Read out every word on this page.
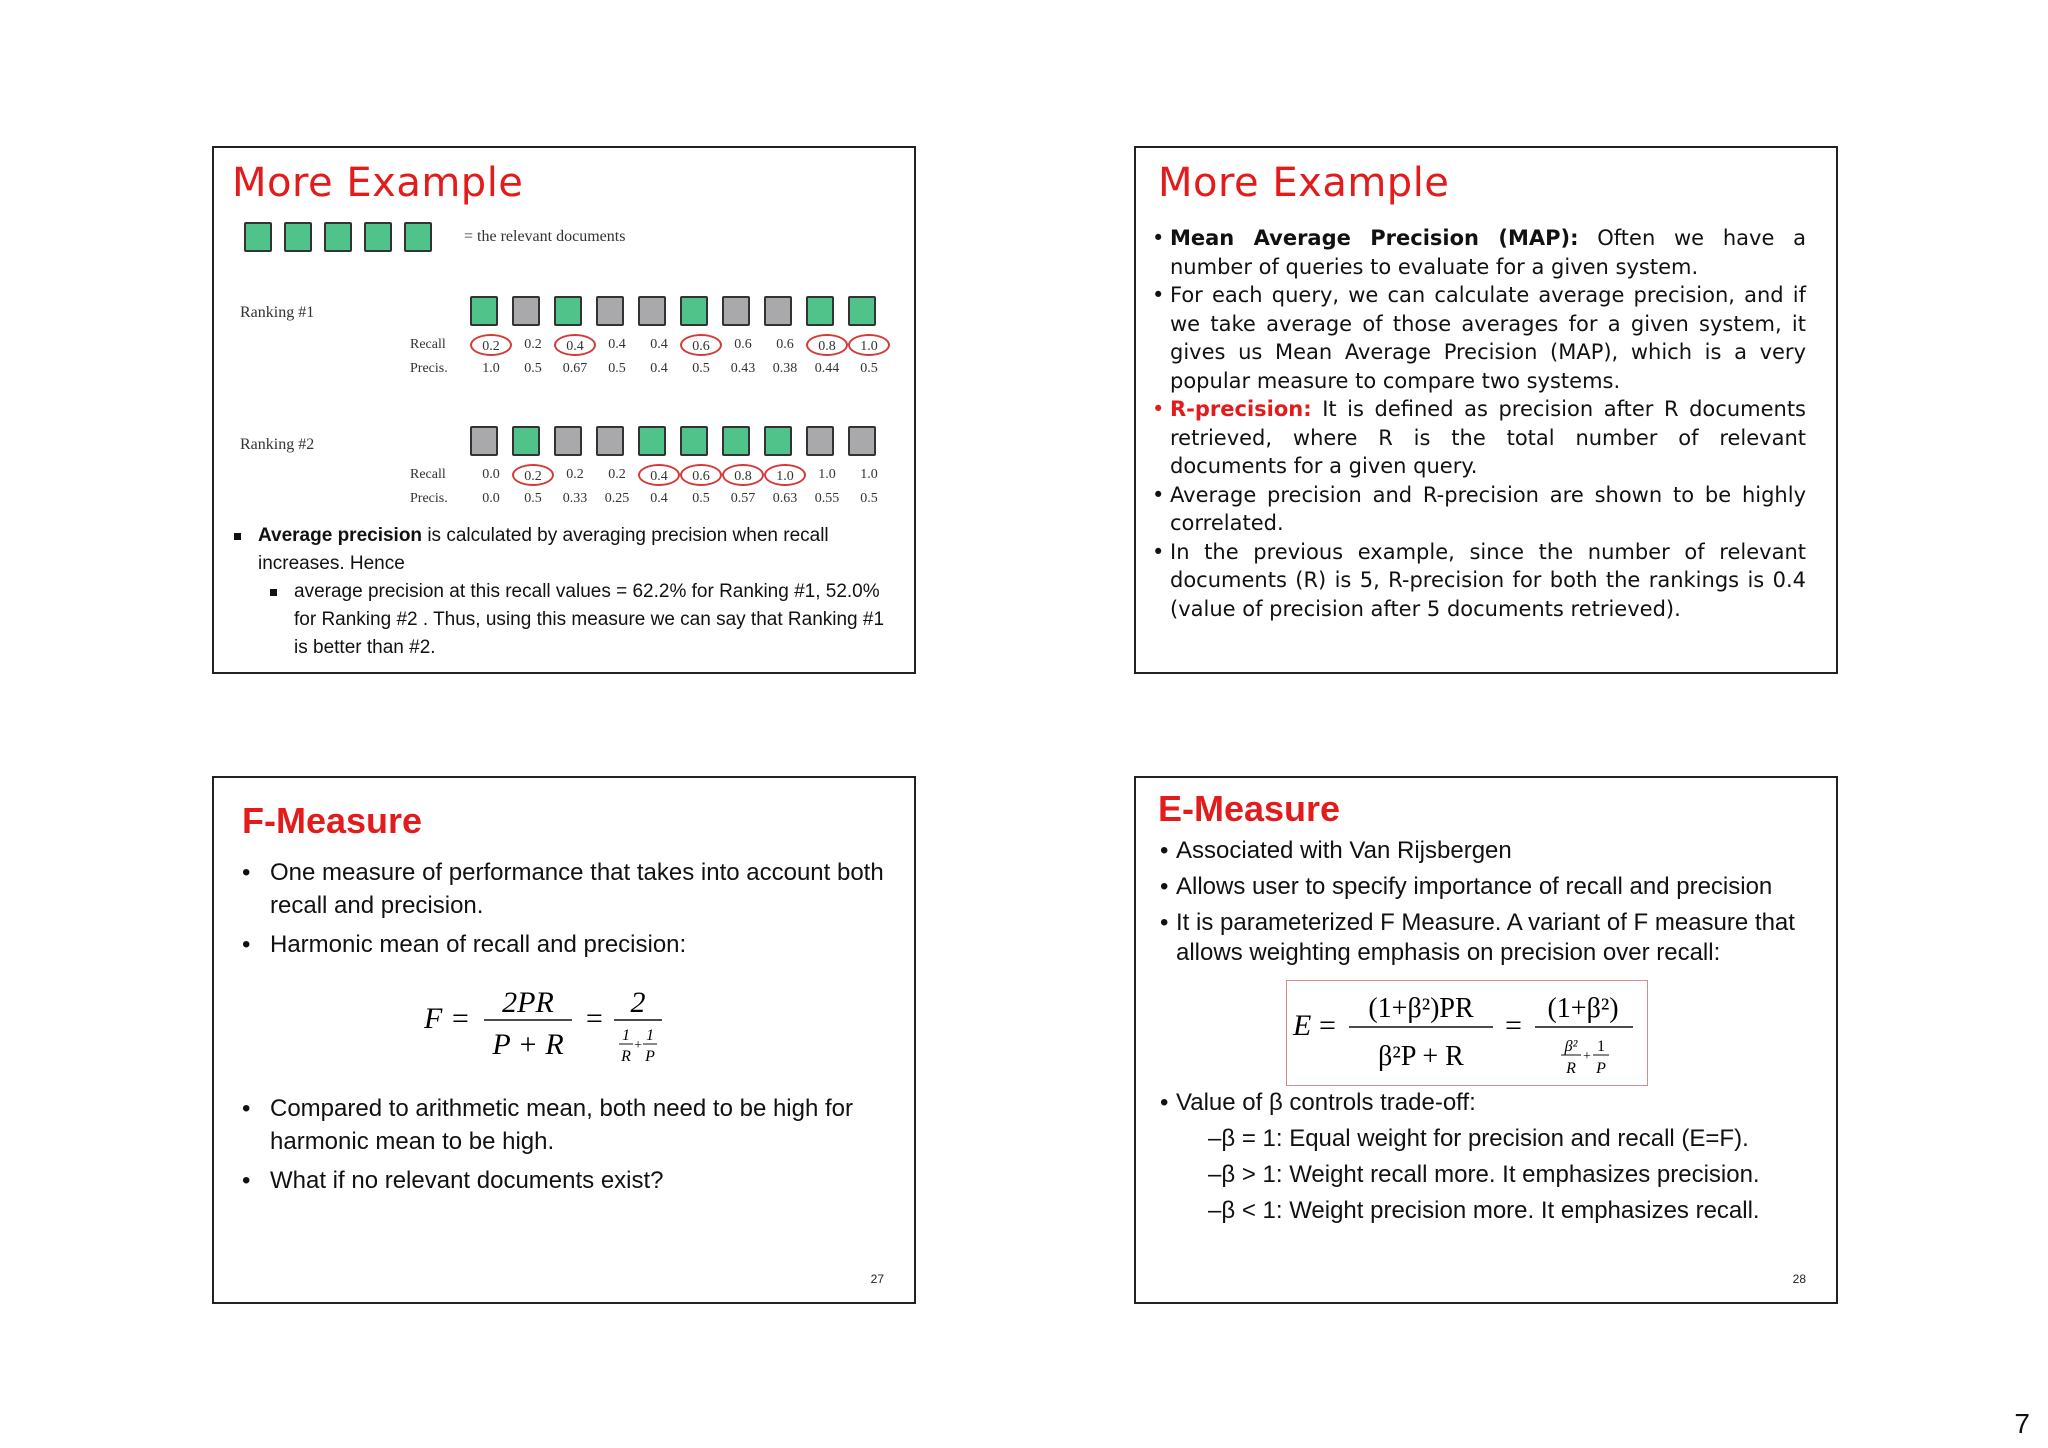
More Example
= the relevant documents
Ranking #1
Recall	0.2	0.2	0.4	0.4	0.4	0.6	0.6	0.6	0.8	1.0
Precis.	1.0	0.5	0.67	0.5	0.4	0.5	0.43	0.38	0.44	0.5
Ranking #2
Recall	0.0	0.2	0.2	0.2	0.4	0.6	0.8	1.0	1.0	1.0
Precis.	0.0	0.5	0.33	0.25	0.4	0.5	0.57	0.63	0.55	0.5
Average precision is calculated by averaging precision when recall increases. Hence
average precision at this recall values = 62.2% for Ranking #1, 52.0% for Ranking #2 . Thus, using this measure we can say that Ranking #1 is better than #2.
More Example
• Mean Average Precision (MAP): Often we have a number of queries to evaluate for a given system.
• For each query, we can calculate average precision, and if we take average of those averages for a given system, it gives us Mean Average Precision (MAP), which is a very popular measure to compare two systems.
• R-precision: It is defined as precision after R documents retrieved, where R is the total number of relevant documents for a given query.
• Average precision and R-precision are shown to be highly correlated.
• In the previous example, since the number of relevant documents (R) is 5, R-precision for both the rankings is 0.4 (value of precision after 5 documents retrieved).
F-Measure
• One measure of performance that takes into account both recall and precision.
• Harmonic mean of recall and precision:
F = 2PR
P + R
= 2
1 1
+
R P
• Compared to arithmetic mean, both need to be high for harmonic mean to be high.
• What if no relevant documents exist?
27
E-Measure
• Associated with Van Rijsbergen
• Allows user to specify importance of recall and precision
• It is parameterized F Measure. A variant of F measure that allows weighting emphasis on precision over recall:
E =
(1+β²)PR
β²P + R
=
(1+β²)
β² 1
+
R P
• Value of β controls trade-off:
–β = 1: Equal weight for precision and recall (E=F).
–β > 1: Weight recall more. It emphasizes precision.
–β < 1: Weight precision more. It emphasizes recall.
28
7
